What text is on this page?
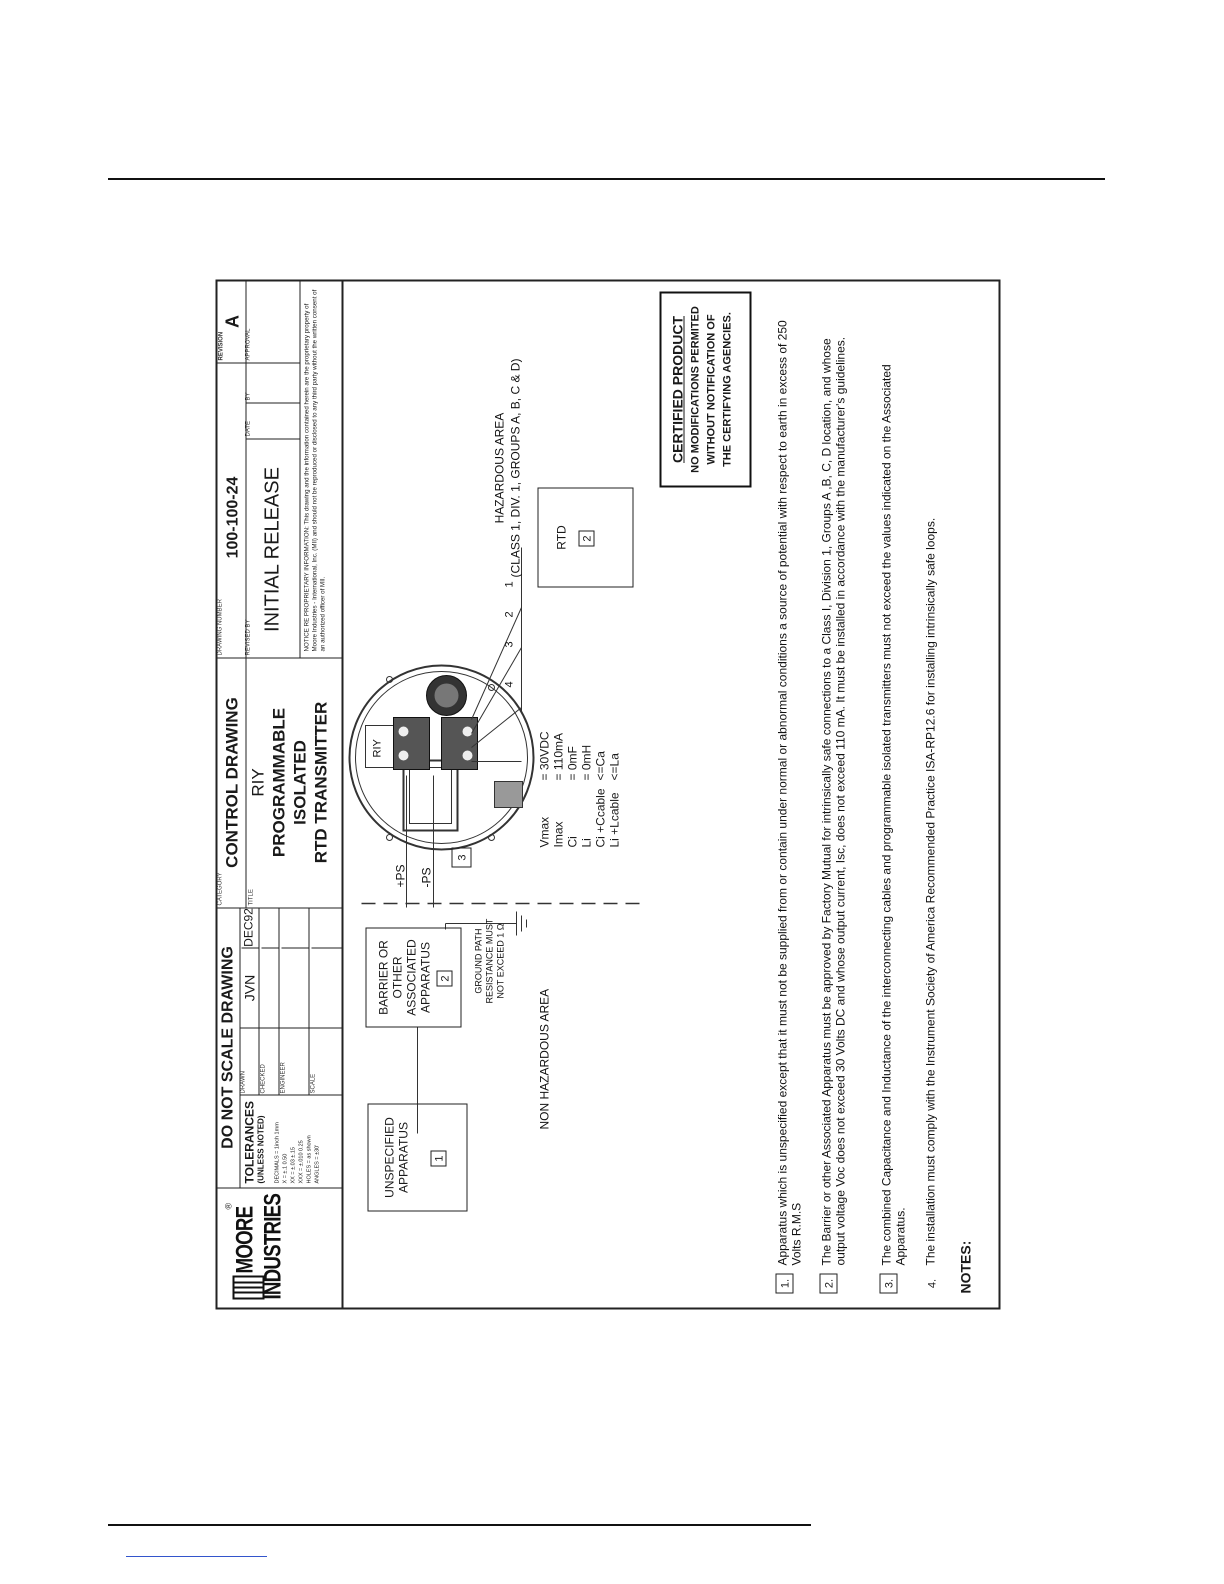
®
MOORE INDUSTRIES
DO NOT SCALE DRAWING TOLERANCES (UNLESS NOTED) DECIMALS = 1inch 1mm X = ±.1 0.50 XX = ±.03 ±.15 XXX = ±.010 0.25 HOLES = as shown ANGLES = ±30'
DRAWN
JVN
DEC92
CHECKED ENGINEER	SCALE
CATEGORY
CONTROL DRAWING
TITLE
RIY PROGRAMMABLE ISOLATED RTD TRANSMITTER
DRAWING NUMBER
100-100-24
REVISION
A
REVISED BY
INITIAL RELEASE
DATE
BY
APPROVAL	NOTICE RE PROPRIETARY INFORMATION: This drawing and the information contained herein are the proprietary property of Moore Industries - International, Inc. (MII) and should not be reproduced or disclosed to any third party without the written consent of an authorized officer of MII.
NON HAZARDOUS AREA
HAZARDOUS AREA (CLASS 1, DIV. 1, GROUPS A, B, C & D)
UNSPECIFIED APPARATUS 1
BARRIER OR OTHER ASSOCIATED APPARATUS 2 GROUND PATH RESISTANCE MUST NOT EXCEED 1 Ω
+PS -PS
3
RIY
4
3
2
1
RTD 2
Vmax	= 30VDC
Imax	= 110mA
Ci	= 0mF
Li	= 0mH
Ci +Ccable	<=Ca
Li +Lcable	<=La
CERTIFIED PRODUCT NO MODIFICATIONS PERMITED WITHOUT NOTIFICATION OF THE CERTIFYING AGENCIES.
1.
Apparatus which is unspecified except that it must not be supplied from or contain under normal or abnormal conditions a source of potential with respect to earth in excess of 250 Volts R.M.S
2.
The Barrier or other Associated Apparatus must be approved by Factory Mutual for intrinsically safe connections to a Class I, Division 1, Groups A ,B, C, D location, and whose output voltage Voc does not exceed 30 Volts DC and whose output current, Isc, does not exceed 110 mA. It must be installed in accordance with the manufacturer's guidelines.
3.
The combined Capacitance and Inductance of the interconnecting cables and programmable isolated transmitters must not exceed the values indicated on the Associated Apparatus.
4.
The installation must comply with the Instrument Society of America Recommended Practice ISA-RP12.6 for installing intrinsically safe loops.
NOTES:
